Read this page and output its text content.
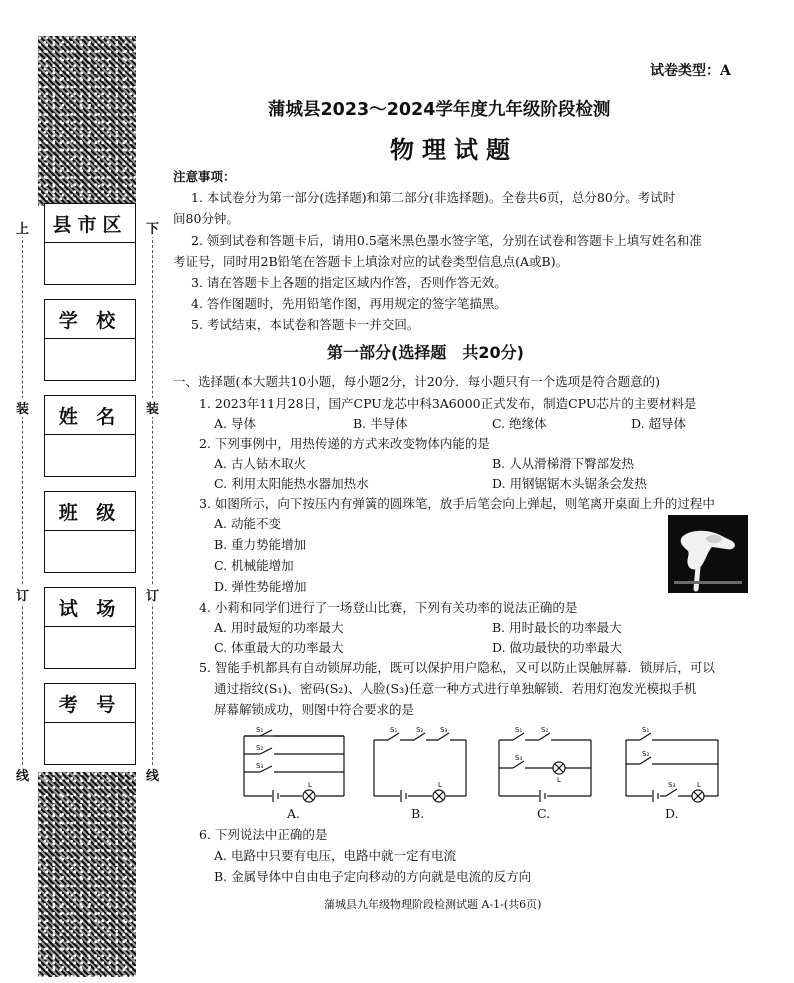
上
装
订
线
下
装
订
线
县市区
学 校
姓 名
班 级
试 场
考 号
试卷类型：A
蒲城县2023～2024学年度九年级阶段检测
物理试题
注意事项：
1. 本试卷分为第一部分(选择题)和第二部分(非选择题)。全卷共6页，总分80分。考试时
间80分钟。
2. 领到试卷和答题卡后，请用0.5毫米黑色墨水签字笔，分别在试卷和答题卡上填写姓名和准
考证号，同时用2B铅笔在答题卡上填涂对应的试卷类型信息点(A或B)。
3. 请在答题卡上各题的指定区域内作答，否则作答无效。
4. 答作图题时，先用铅笔作图，再用规定的签字笔描黑。
5. 考试结束，本试卷和答题卡一并交回。
第一部分(选择题　共20分)
一、选择题(本大题共10小题，每小题2分，计20分．每小题只有一个选项是符合题意的)
1. 2023年11月28日，国产CPU龙芯中科3A6000正式发布，制造CPU芯片的主要材料是
A. 导体	B. 半导体	C. 绝缘体	D. 超导体
2. 下列事例中，用热传递的方式来改变物体内能的是
A. 古人钻木取火	B. 人从滑梯滑下臀部发热
C. 利用太阳能热水器加热水	D. 用钢锯锯木头锯条会发热
3. 如图所示，向下按压内有弹簧的圆珠笔，放手后笔会向上弹起，则笔离开桌面上升的过程中
A. 动能不变
B. 重力势能增加
C. 机械能增加
D. 弹性势能增加
4. 小莉和同学们进行了一场登山比赛，下列有关功率的说法正确的是
A. 用时最短的功率最大	B. 用时最长的功率最大
C. 体重最大的功率最大	D. 做功最快的功率最大
5. 智能手机都具有自动锁屏功能，既可以保护用户隐私，又可以防止误触屏幕．锁屏后，可以
通过指纹(S₁)、密码(S₂)、人脸(S₃)任意一种方式进行单独解锁．若用灯泡发光模拟手机
屏幕解锁成功，则图中符合要求的是
S₁
S₂
S₃
L
A.
S₁	S₂ S₃
L
B.
S₁	S₂
S₃
L
C.
S₁
S₂
S₃	L
D.
6. 下列说法中正确的是
A. 电路中只要有电压，电路中就一定有电流
B. 金属导体中自由电子定向移动的方向就是电流的反方向
蒲城县九年级物理阶段检测试题 A-1-(共6页)
